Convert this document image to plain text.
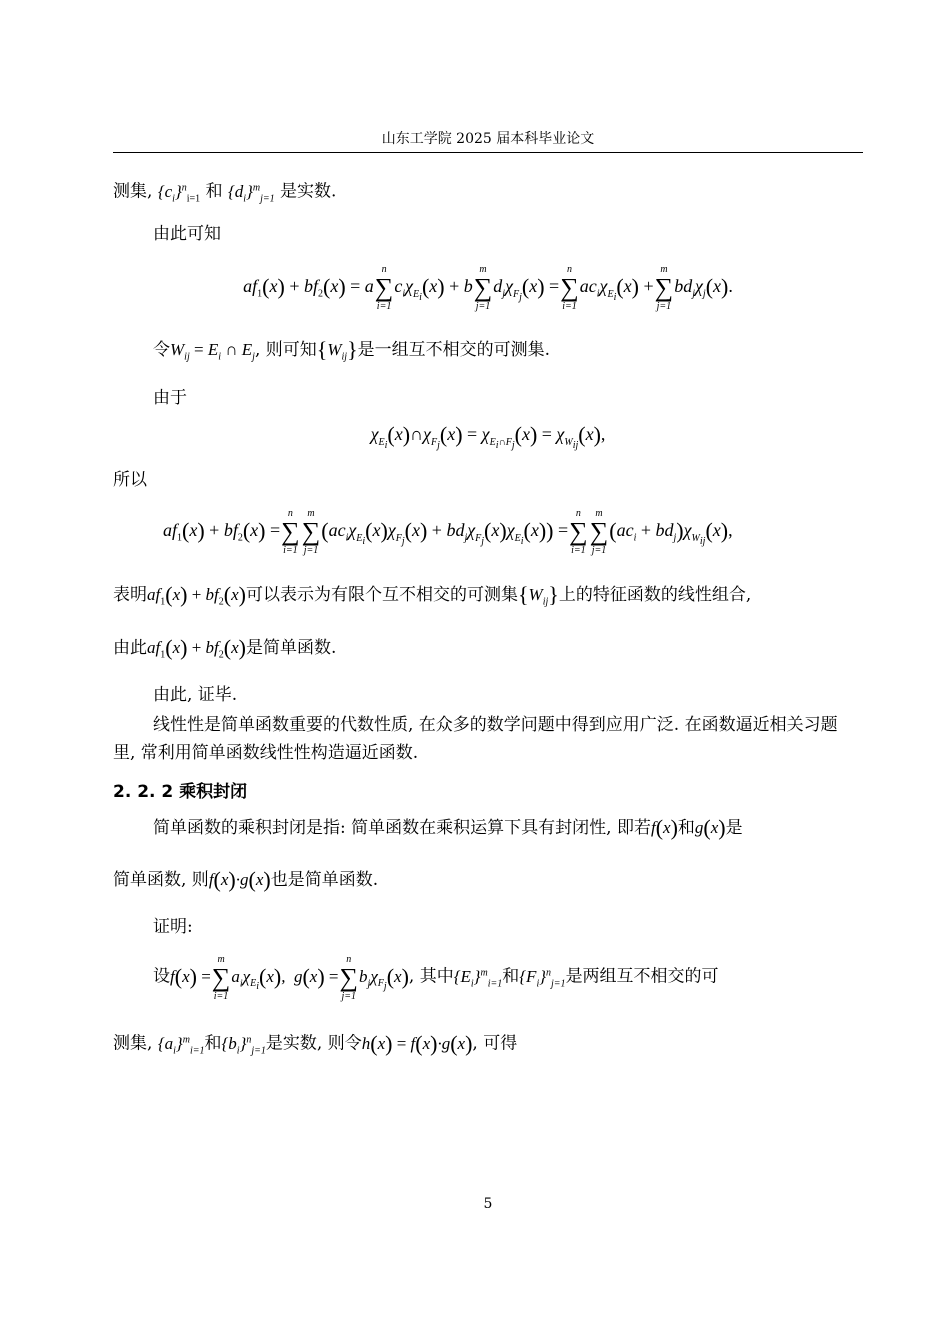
山东工学院 2025 届本科毕业论文
测集, $\{c_i\}^n_{i=1}$ 和 $\{d_i\}^m_{j=1}$ 是实数.
由此可知
$af_1(x) + bf_2(x)$ = an
∑
$i=1c_i\chi_{E_i}(x)$ + bm
∑
$j=1d_j\chi_{F_j}(x) =n$
∑
$i=1ac_i\chi_{E_i}(x) +m$
∑
$j=1bd_j\chi_j(x)$.
令$W_{ij} = E_i$ ∩ $E_j$, 则可知$\{W_{ij}\}$是一组互不相交的可测集.
由于
$\chi_{E_i}(x)\cap\chi_{F_j}(x) = \chi_{E_i\cap F_j}(x) = \chi_{W_{ij}}(x)$,
所以
$af_1(x) + bf_2(x) =n$
∑
i=1m
∑
$j=1(ac_i\chi_{E_i}(x)\chi_{F_j}(x) + bd_j\chi_{F_j}(x)\chi_{E_i}(x)) =n$
∑
i=1m
∑
$j=1(ac_i + bd_j)\chi_{W_{ij}}(x)$,
表明$af_1(x) + bf_2(x)$可以表示为有限个互不相交的可测集$\{W_{ij}\}$上的特征函数的线性组合,
由此$af_1(x) + bf_2(x)$是简单函数.
由此, 证毕.
线性性是简单函数重要的代数性质, 在众多的数学问题中得到应用广泛. 在函数逼近相关习题里, 常利用简单函数线性性构造逼近函数.
2. 2. 2 乘积封闭
简单函数的乘积封闭是指: 简单函数在乘积运算下具有封闭性, 即若f(x)和g(x)是
简单函数, 则f(x)·g(x)也是简单函数.
证明:
设f(x) =m
∑
$i=1a_i\chi_{E_i}(x)$,  g(x) =n
∑
$j=1b_j\chi_{F_j}(x)$, 其中$\{E_i\}^m_{i=1}$和$\{F_i\}^n_{j=1}$是两组互不相交的可
测集, $\{a_i\}^m_{i=1}$和$\{b_i\}^n_{j=1}$是实数, 则令h(x) = f(x)·g(x), 可得
5
